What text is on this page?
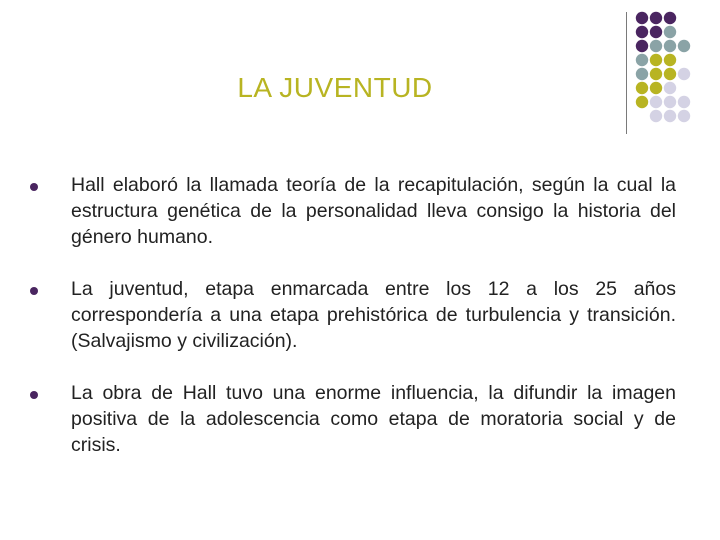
LA JUVENTUD

Hall elaboró la llamada teoría de la recapitulación, según la cual la estructura genética de la personalidad lleva consigo la historia del género humano.

La juventud, etapa enmarcada entre los 12 a los 25 años correspondería a una etapa prehistórica de turbulencia y transición. (Salvajismo y civilización).

La obra de Hall tuvo una enorme influencia, la difundir la imagen positiva de la adolescencia como etapa de moratoria social y de crisis.
